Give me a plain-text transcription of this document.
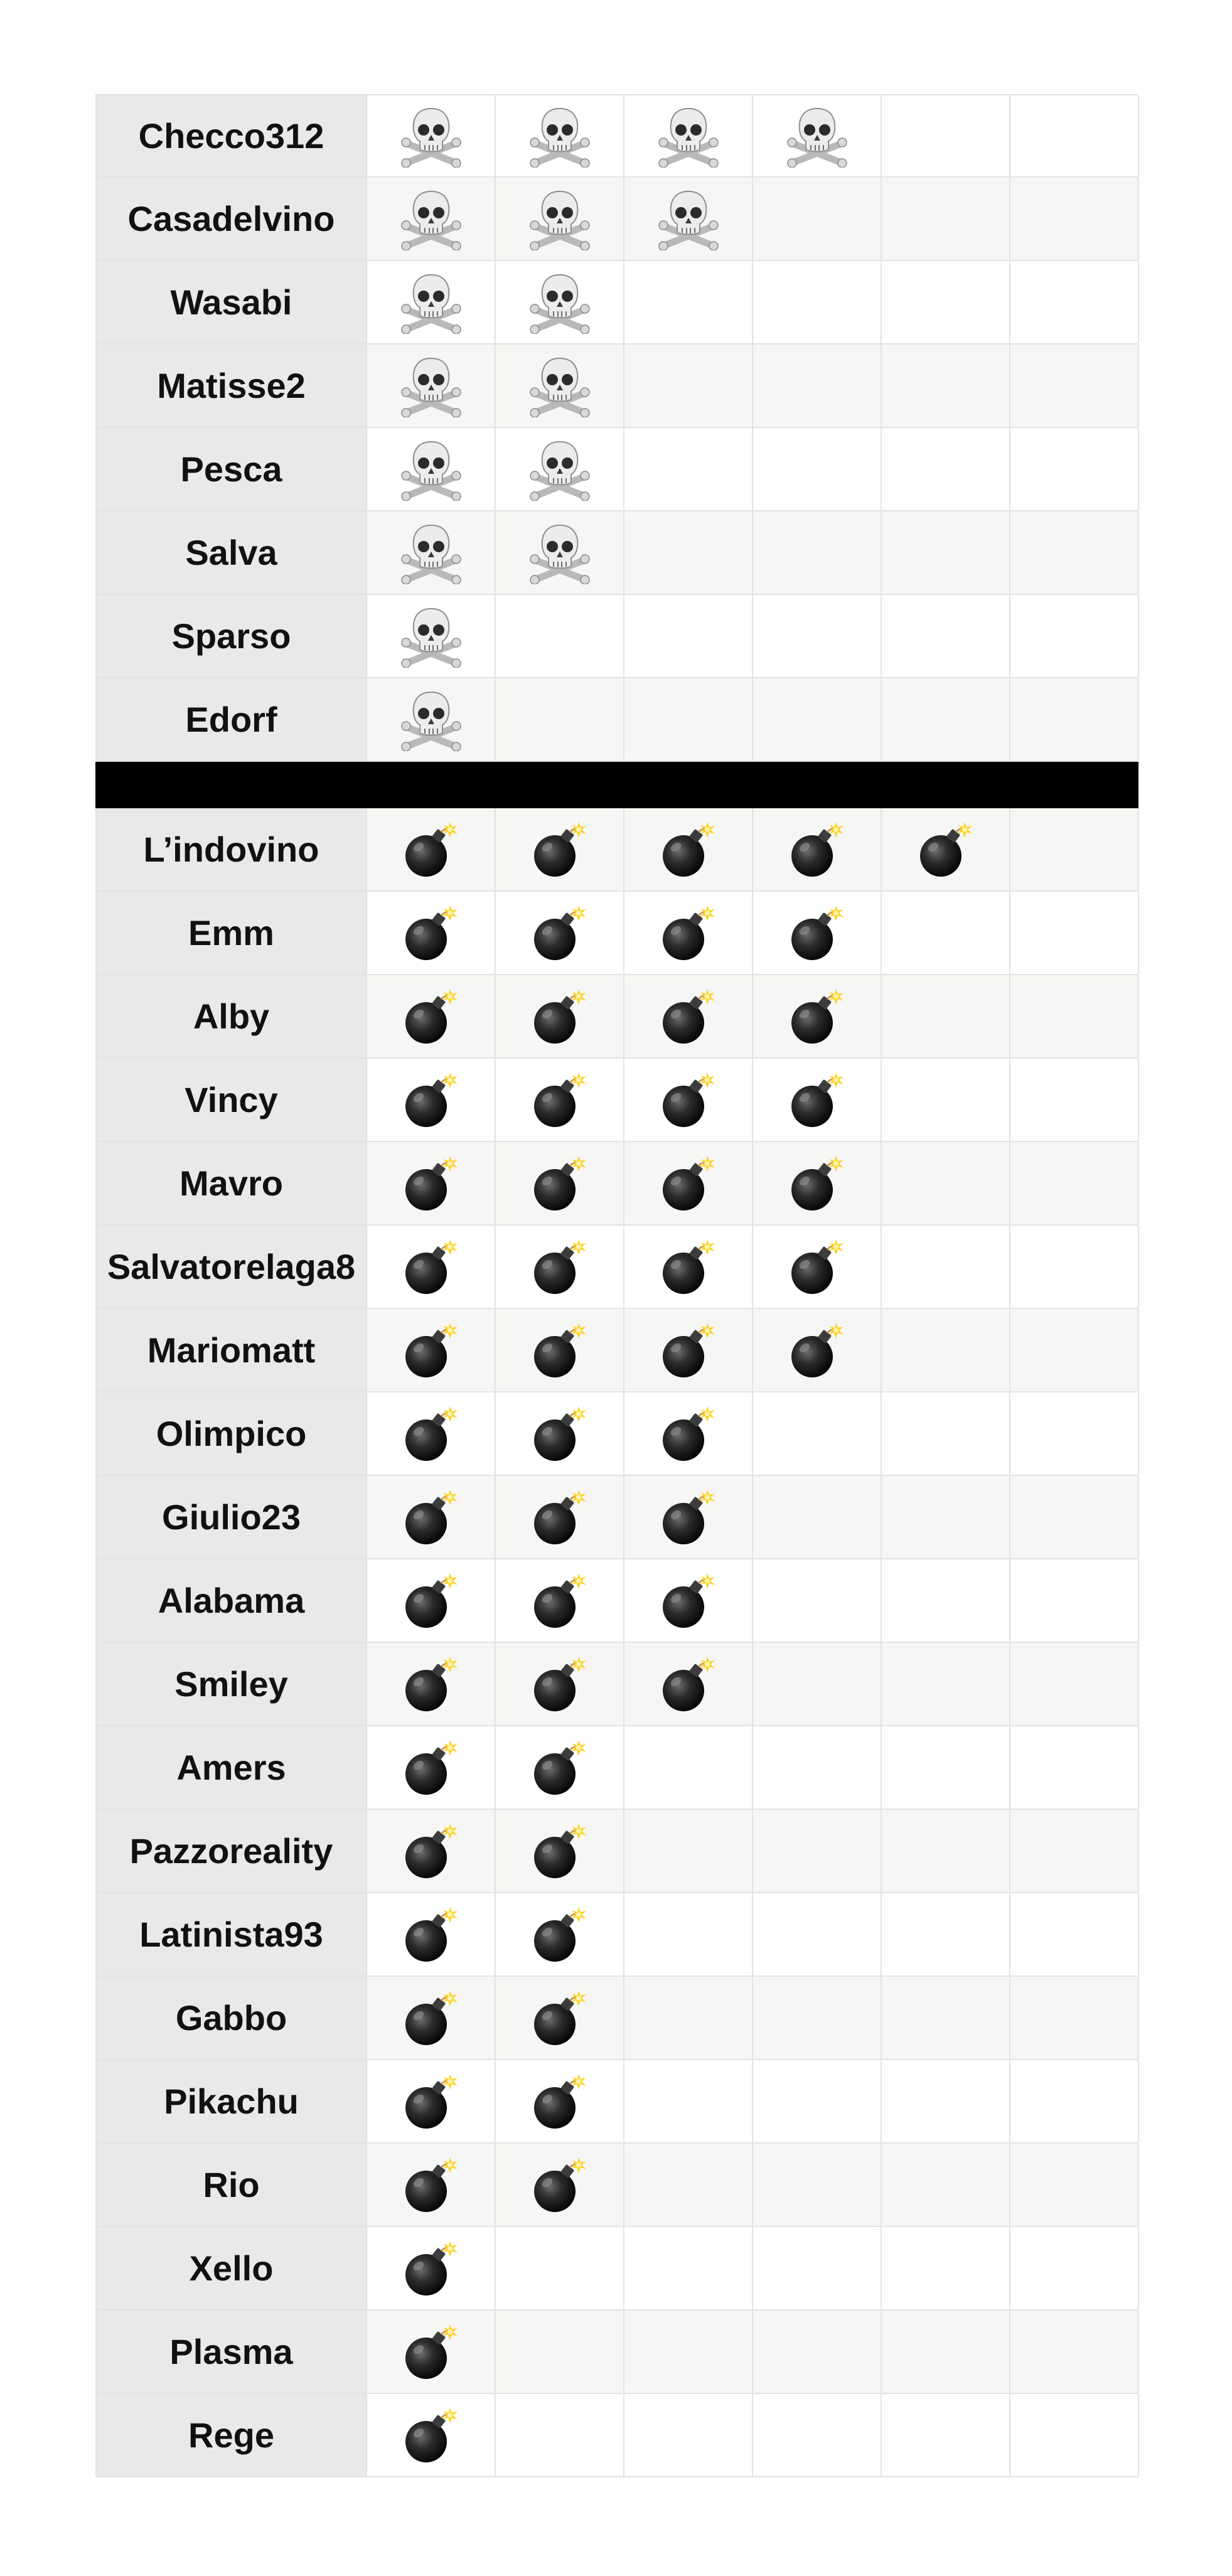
Checco312
Casadelvino
Wasabi
Matisse2
Pesca
Salva
Sparso
Edorf
L’indovino
Emm
Alby
Vincy
Mavro
Salvatorelaga8
Mariomatt
Olimpico
Giulio23
Alabama
Smiley
Amers
Pazzoreality
Latinista93
Gabbo
Pikachu
Rio
Xello
Plasma
Rege
